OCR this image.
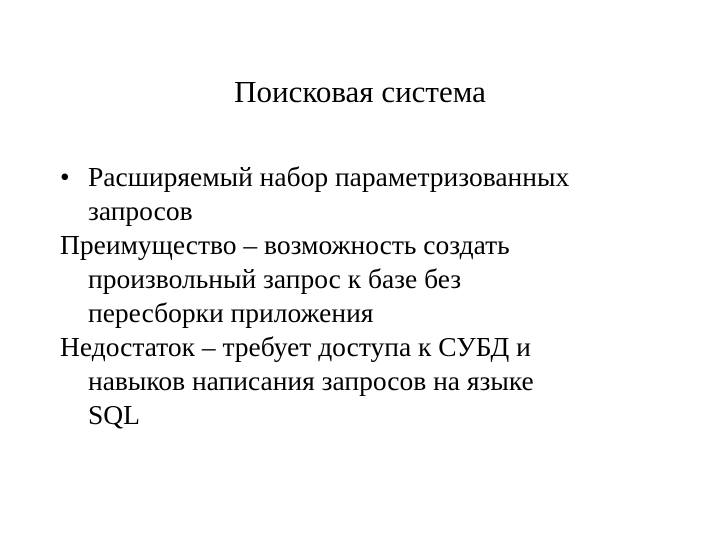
Поисковая система
• Расширяемый набор параметризованных
запросов
Преимущество – возможность создать
произвольный запрос к базе без
пересборки приложения
Недостаток – требует доступа к СУБД и
навыков написания запросов на языке
SQL
